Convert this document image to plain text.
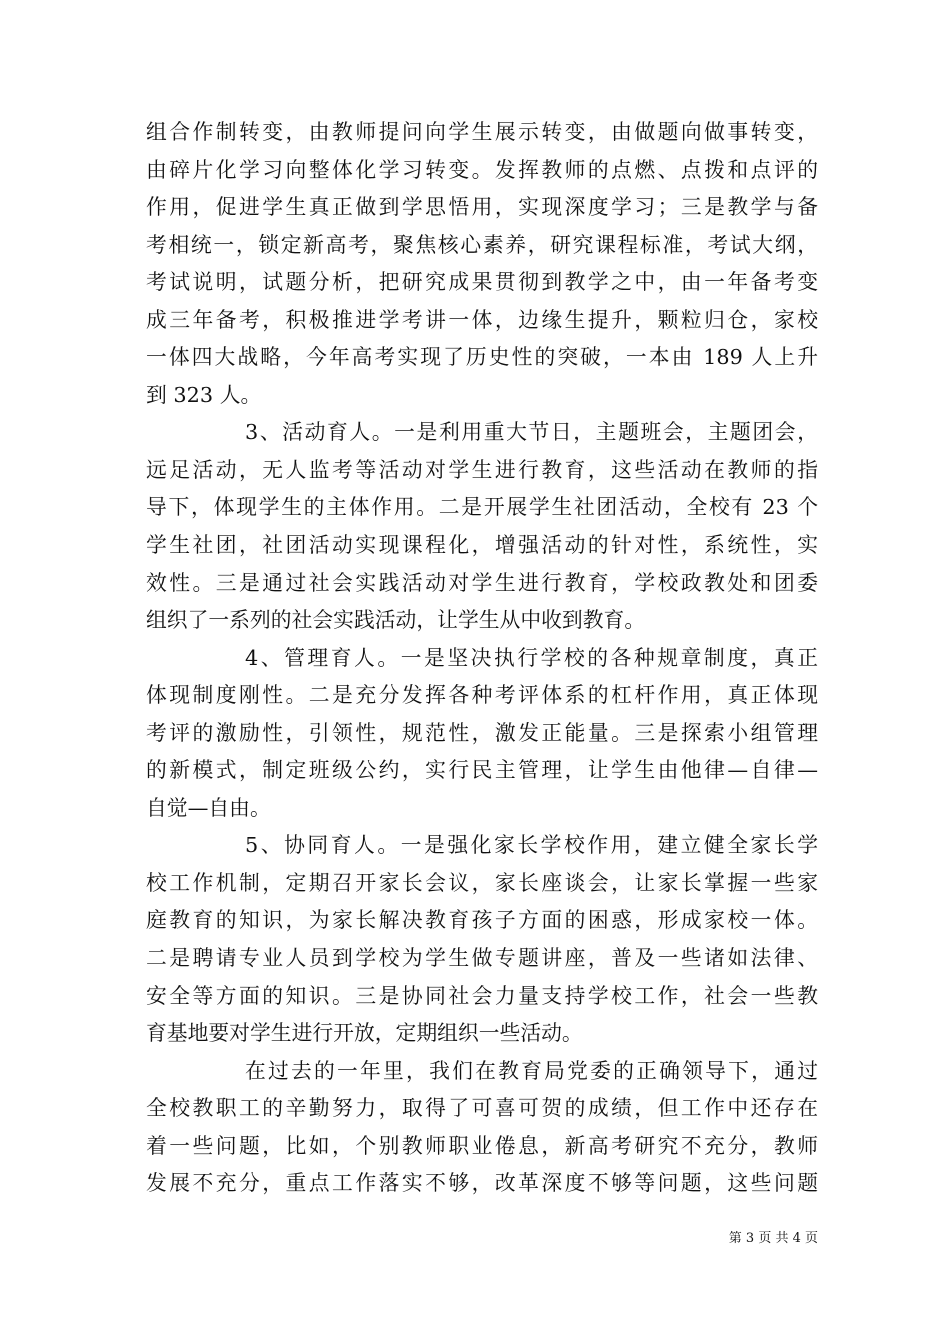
组合作制转变，由教师提问向学生展示转变，由做题向做事转变，
由碎片化学习向整体化学习转变。发挥教师的点燃、点拨和点评的
作用，促进学生真正做到学思悟用，实现深度学习；三是教学与备
考相统一，锁定新高考，聚焦核心素养，研究课程标准，考试大纲，
考试说明，试题分析，把研究成果贯彻到教学之中，由一年备考变
成三年备考，积极推进学考讲一体，边缘生提升，颗粒归仓，家校
一体四大战略，今年高考实现了历史性的突破，一本由 189 人上升
到 323 人。
3、活动育人。一是利用重大节日，主题班会，主题团会，
远足活动，无人监考等活动对学生进行教育，这些活动在教师的指
导下，体现学生的主体作用。二是开展学生社团活动，全校有 23 个
学生社团，社团活动实现课程化，增强活动的针对性，系统性，实
效性。三是通过社会实践活动对学生进行教育，学校政教处和团委
组织了一系列的社会实践活动，让学生从中收到教育。
4、管理育人。一是坚决执行学校的各种规章制度，真正
体现制度刚性。二是充分发挥各种考评体系的杠杆作用，真正体现
考评的激励性，引领性，规范性，激发正能量。三是探索小组管理
的新模式，制定班级公约，实行民主管理，让学生由他律—自律—
自觉—自由。
5、协同育人。一是强化家长学校作用，建立健全家长学
校工作机制，定期召开家长会议，家长座谈会，让家长掌握一些家
庭教育的知识，为家长解决教育孩子方面的困惑，形成家校一体。
二是聘请专业人员到学校为学生做专题讲座，普及一些诸如法律、
安全等方面的知识。三是协同社会力量支持学校工作，社会一些教
育基地要对学生进行开放，定期组织一些活动。
在过去的一年里，我们在教育局党委的正确领导下，通过
全校教职工的辛勤努力，取得了可喜可贺的成绩，但工作中还存在
着一些问题，比如，个别教师职业倦息，新高考研究不充分，教师
发展不充分，重点工作落实不够，改革深度不够等问题，这些问题
第 3 页 共 4 页
